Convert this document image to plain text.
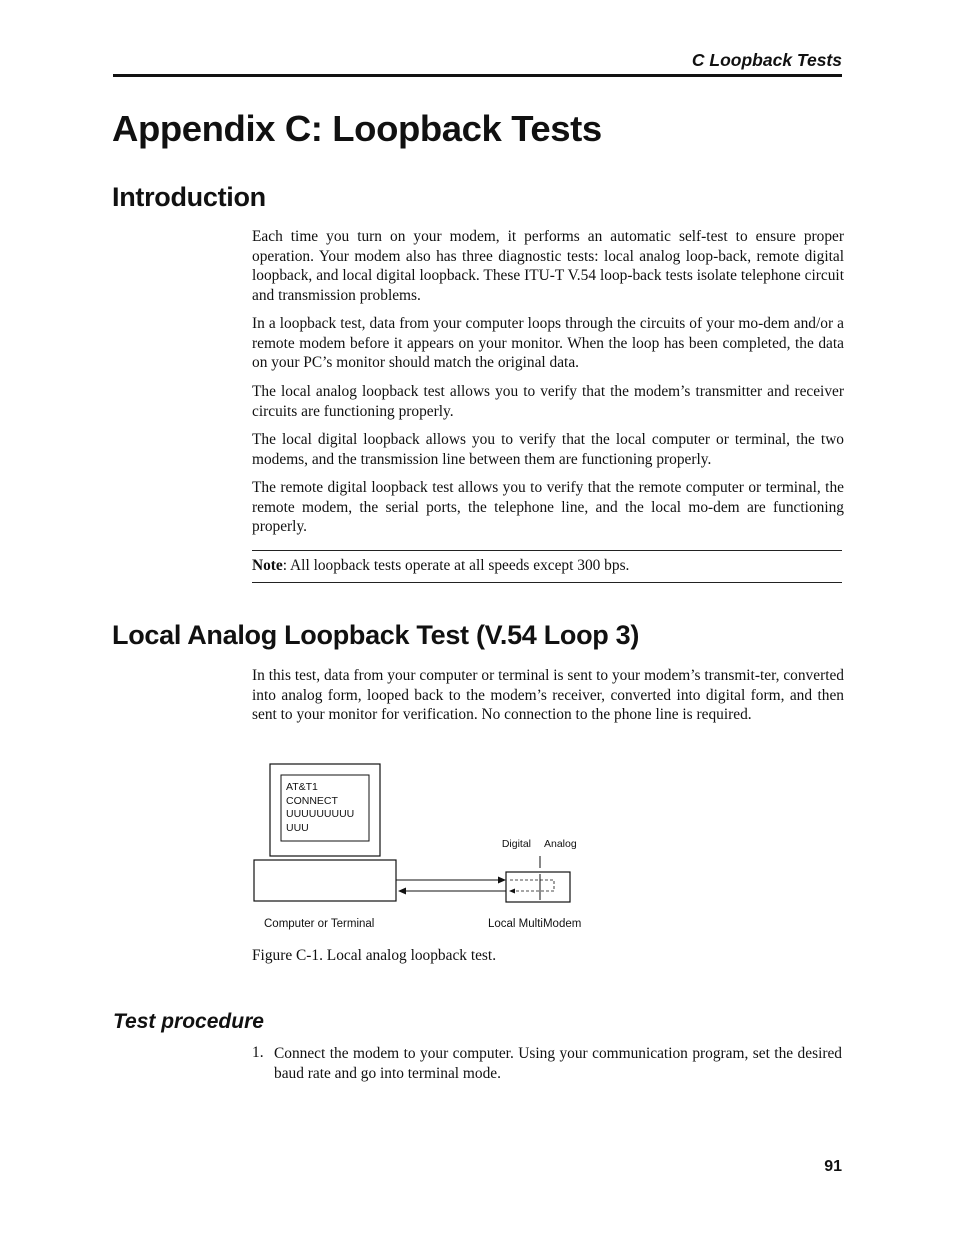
C Loopback Tests
Appendix C: Loopback Tests
Introduction

Each time you turn on your modem, it performs an automatic self-test to ensure proper operation. Your modem also has three diagnostic tests: local analog loop-back, remote digital loopback, and local digital loopback. These ITU-T V.54 loop-back tests isolate telephone circuit and transmission problems.

In a loopback test, data from your computer loops through the circuits of your mo-dem and/or a remote modem before it appears on your monitor. When the loop has been completed, the data on your PC’s monitor should match the original data.

The local analog loopback test allows you to verify that the modem’s transmitter and receiver circuits are functioning properly.

The local digital loopback allows you to verify that the local computer or terminal, the two modems, and the transmission line between them are functioning properly.

The remote digital loopback test allows you to verify that the remote computer or terminal, the remote modem, the serial ports, the telephone line, and the local mo-dem are functioning properly.

Note: All loopback tests operate at all speeds except 300 bps.

Local Analog Loopback Test (V.54 Loop 3)

In this test, data from your computer or terminal is sent to your modem’s transmit-ter, converted into analog form, looped back to the modem’s receiver, converted into digital form, and then sent to your monitor for verification. No connection to the phone line is required.

AT&T1
CONNECT
UUUUUUUUU
UUU
Digital Analog
Computer or Terminal	Local MultiModem

Figure C-1. Local analog loopback test.

Test procedure

1. Connect the modem to your computer. Using your communication program, set the desired baud rate and go into terminal mode.

91
